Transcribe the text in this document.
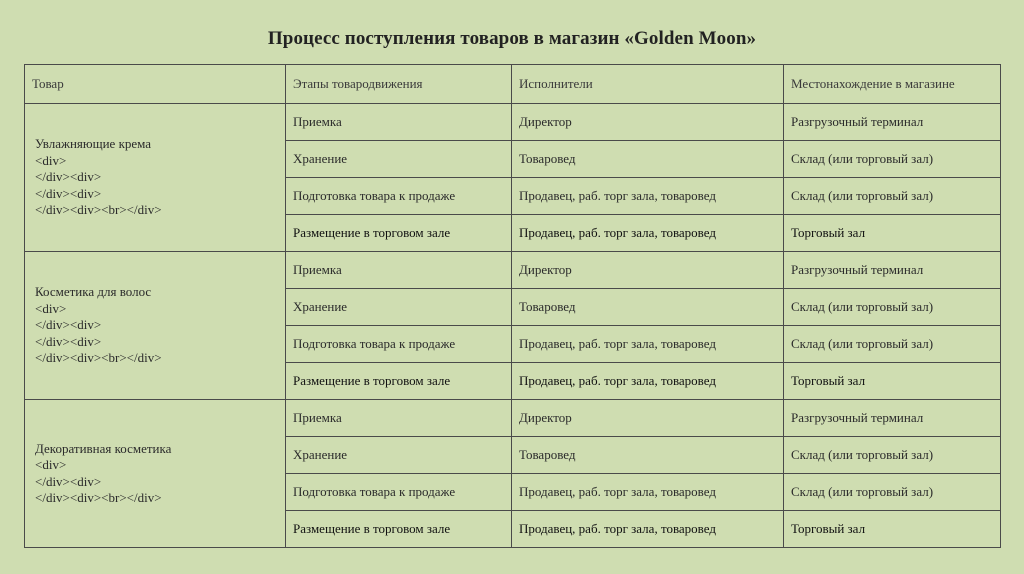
Процесс поступления товаров в магазин «Golden Moon»
Товар	Этапы товародвижения	Исполнители	Местонахождение в магазине
Увлажняющие крема
<div>
</div><div>
</div><div>
</div><div><br></div>	Приемка	Директор	Разгрузочный терминал
	Хранение	Товаровед	Склад (или торговый зал)
	Подготовка товара к продаже	Продавец, раб. торг зала, товаровед	Склад (или торговый зал)
	Размещение в торговом зале	Продавец, раб. торг зала, товаровед	Торговый зал
Косметика для волос
<div>
</div><div>
</div><div>
</div><div><br></div>	Приемка	Директор	Разгрузочный терминал
	Хранение	Товаровед	Склад (или торговый зал)
	Подготовка товара к продаже	Продавец, раб. торг зала, товаровед	Склад (или торговый зал)
	Размещение в торговом зале	Продавец, раб. торг зала, товаровед	Торговый зал
Декоративная косметика
<div>
</div><div>
</div><div><br></div>	Приемка	Директор	Разгрузочный терминал
	Хранение	Товаровед	Склад (или торговый зал)
	Подготовка товара к продаже	Продавец, раб. торг зала, товаровед	Склад (или торговый зал)
	Размещение в торговом зале	Продавец, раб. торг зала, товаровед	Торговый зал
